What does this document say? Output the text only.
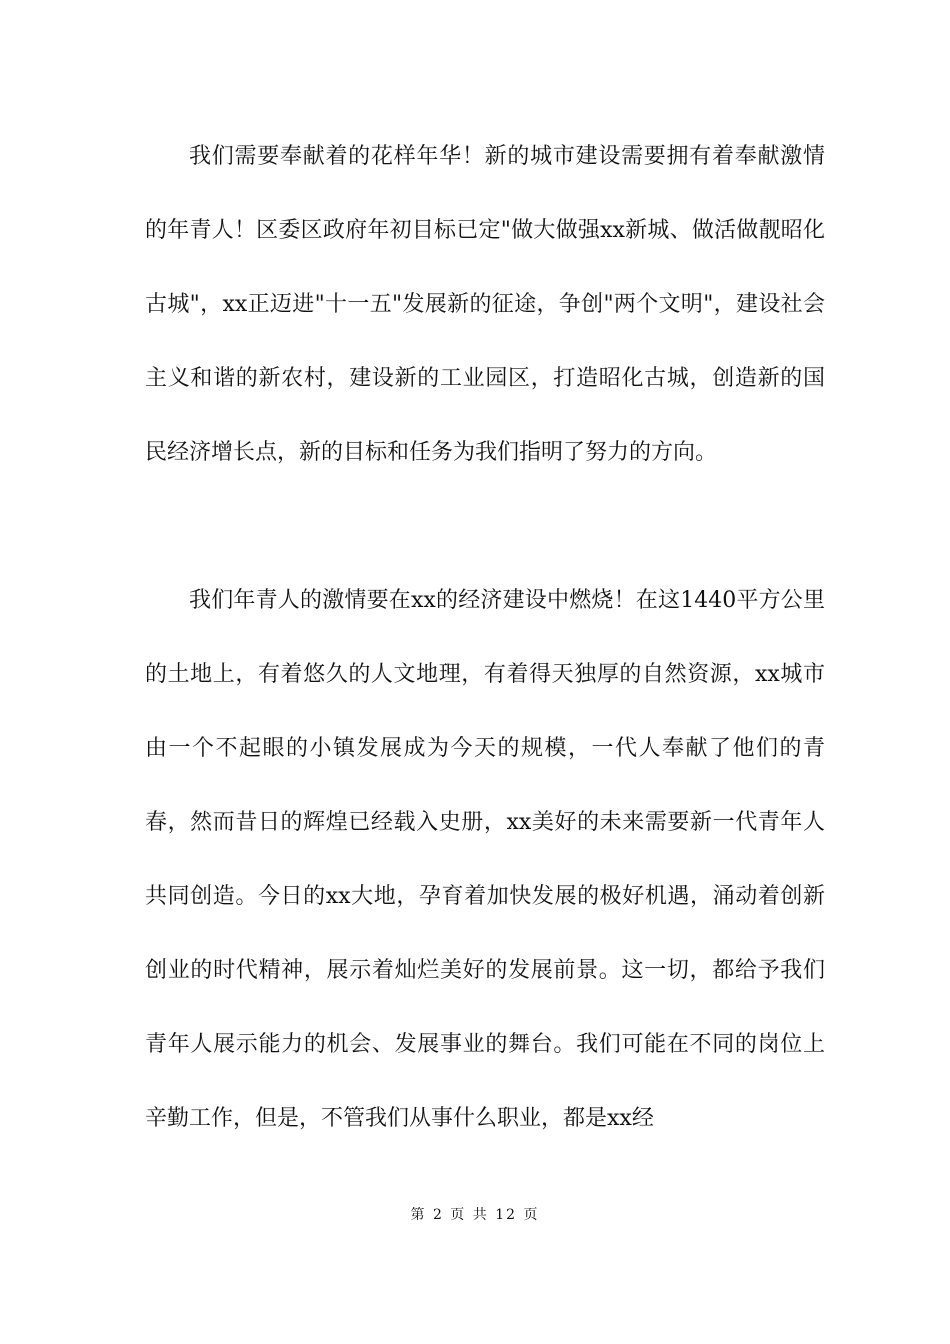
我们需要奉献着的花样年华！新的城市建设需要拥有着奉献激情的年青人！区委区政府年初目标已定"做大做强xx新城、做活做靓昭化古城"，xx正迈进"十一五"发展新的征途，争创"两个文明"，建设社会主义和谐的新农村，建设新的工业园区，打造昭化古城，创造新的国民经济增长点，新的目标和任务为我们指明了努力的方向。

我们年青人的激情要在xx的经济建设中燃烧！在这1440平方公里的土地上，有着悠久的人文地理，有着得天独厚的自然资源，xx城市由一个不起眼的小镇发展成为今天的规模，一代人奉献了他们的青春，然而昔日的辉煌已经载入史册，xx美好的未来需要新一代青年人共同创造。今日的xx大地，孕育着加快发展的极好机遇，涌动着创新创业的时代精神，展示着灿烂美好的发展前景。这一切，都给予我们青年人展示能力的机会、发展事业的舞台。我们可能在不同的岗位上辛勤工作，但是，不管我们从事什么职业，都是xx经

第 2 页 共 12 页
